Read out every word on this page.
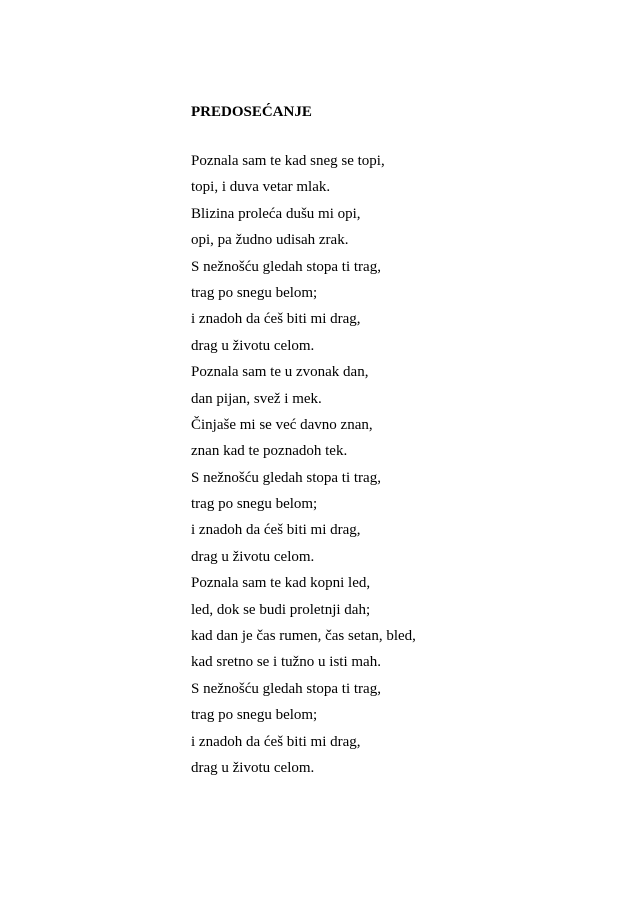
PREDOSEĆANJE
Poznala sam te kad sneg se topi,
topi, i duva vetar mlak.
Blizina proleća dušu mi opi,
opi, pa žudno udisah zrak.
S nežnošću gledah stopa ti trag,
trag po snegu belom;
i znadoh da ćeš biti mi drag,
drag u životu celom.
Poznala sam te u zvonak dan,
dan pijan, svež i mek.
Činjaše mi se već davno znan,
znan kad te poznadoh tek.
S nežnošću gledah stopa ti trag,
trag po snegu belom;
i znadoh da ćeš biti mi drag,
drag u životu celom.
Poznala sam te kad kopni led,
led, dok se budi proletnji dah;
kad dan je čas rumen, čas setan, bled,
kad sretno se i tužno u isti mah.
S nežnošću gledah stopa ti trag,
trag po snegu belom;
i znadoh da ćeš biti mi drag,
drag u životu celom.
